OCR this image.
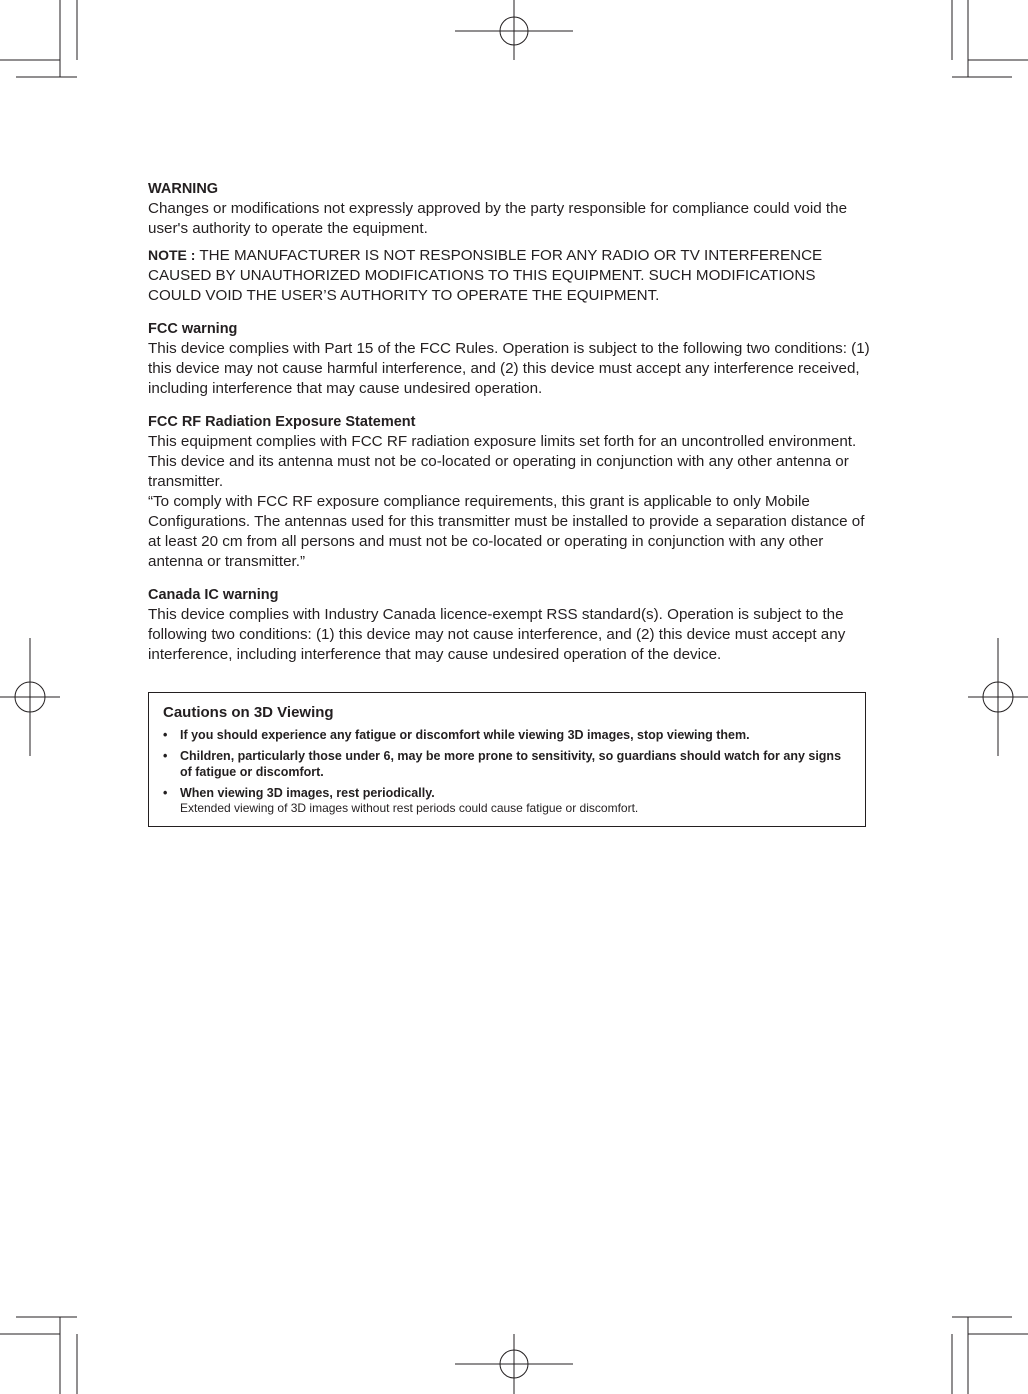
WARNING
Changes or modifications not expressly approved by the party responsible for compliance could void the user's authority to operate the equipment.
NOTE : THE MANUFACTURER IS NOT RESPONSIBLE FOR ANY RADIO OR TV INTERFERENCE CAUSED BY UNAUTHORIZED MODIFICATIONS TO THIS EQUIPMENT. SUCH MODIFICATIONS COULD VOID THE USER’S AUTHORITY TO OPERATE THE EQUIPMENT.
FCC warning
This device complies with Part 15 of the FCC Rules. Operation is subject to the following two conditions: (1) this device may not cause harmful interference, and (2) this device must accept any interference received, including interference that may cause undesired operation.
FCC RF Radiation Exposure Statement
This equipment complies with FCC RF radiation exposure limits set forth for an uncontrolled environment. This device and its antenna must not be co-located or operating in conjunction with any other antenna or transmitter.
“To comply with FCC RF exposure compliance requirements, this grant is applicable to only Mobile Configurations. The antennas used for this transmitter must be installed to provide a separation distance of at least 20 cm from all persons and must not be co-located or operating in conjunction with any other antenna or transmitter.”
Canada IC warning
This device complies with Industry Canada licence-exempt RSS standard(s). Operation is subject to the following two conditions: (1) this device may not cause interference, and (2) this device must accept any interference, including interference that may cause undesired operation of the device.
Cautions on 3D Viewing
•	If you should experience any fatigue or discomfort while viewing 3D images, stop viewing them.
•	Children, particularly those under 6, may be more prone to sensitivity, so guardians should watch for any signs of fatigue or discomfort.
•	When viewing 3D images, rest periodically.
Extended viewing of 3D images without rest periods could cause fatigue or discomfort.
